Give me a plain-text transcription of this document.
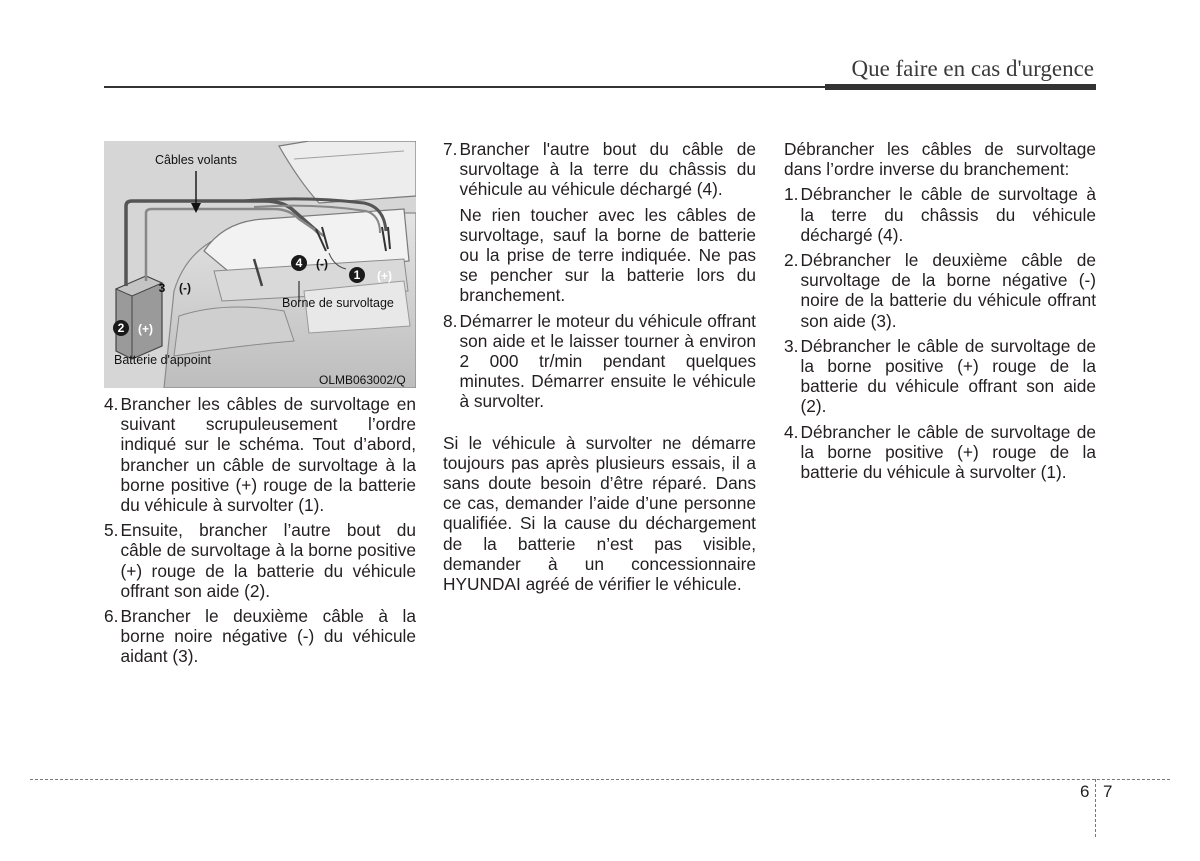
Que faire en cas d'urgence
Câbles volants
Borne de survoltage
Batterie d'appoint
OLMB063002/Q
1	(+)
2	(+)
3	(-)
4	(-)
4. Brancher les câbles de survoltage en suivant scrupuleusement l’ordre indiqué sur le schéma. Tout d’abord, brancher un câble de survoltage à la borne positive (+) rouge de la batterie du véhicule à survolter (1).
5. Ensuite, brancher l’autre bout du câble de survoltage à la borne positive (+) rouge de la batterie du véhicule offrant son aide (2).
6. Brancher le deuxième câble à la borne noire négative (-) du véhicule aidant (3).
7. Brancher l'autre bout du câble de survoltage à la terre du châssis du véhicule au véhicule déchargé (4).
Ne rien toucher avec les câbles de survoltage, sauf la borne de batterie ou la prise de terre indiquée. Ne pas se pencher sur la batterie lors du branchement.
8. Démarrer le moteur du véhicule offrant son aide et le laisser tourner à environ 2 000 tr/min pendant quelques minutes. Démarrer ensuite le véhicule à survolter.

Si le véhicule à survolter ne démarre toujours pas après plusieurs essais, il a sans doute besoin d’être réparé. Dans ce cas, demander l’aide d’une personne qualifiée. Si la cause du déchargement de la batterie n’est pas visible, demander à un concessionnaire HYUNDAI agréé de vérifier le véhicule.

Débrancher les câbles de survoltage dans l’ordre inverse du branchement:

1. Débrancher le câble de survoltage à la terre du châssis du véhicule déchargé (4).
2. Débrancher le deuxième câble de survoltage de la borne négative (-) noire de la batterie du véhicule offrant son aide (3).
3. Débrancher le câble de survoltage de la borne positive (+) rouge de la batterie du véhicule offrant son aide (2).
4. Débrancher le câble de survoltage de la borne positive (+) rouge de la batterie du véhicule à survolter (1).
6 7
